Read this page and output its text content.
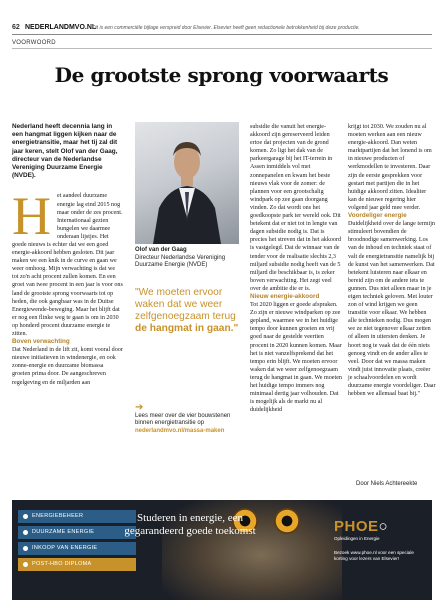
62 NEDERLANDMVO.NL
Dit is een commerciële bijlage verspreid door Elsevier. Elsevier heeft geen redactionele betrokkenheid bij deze productie.
VOORWOORD
De grootste sprong voorwaarts

Nederland heeft decennia lang in een hangmat liggen kijken naar de energietransitie, maar het tij zal dit jaar keren, stelt Olof van der Gaag, directeur van de Nederlandse Vereniging Duurzame Energie (NVDE).

Het aandeel duurzame energie lag eind 2015 nog maar onder de zes procent. Internationaal gezien bungelen we daarmee onderaan lijstjes. Het goede nieuws is echter dat we een goed energie-akkoord hebben gesloten. Dit jaar maken we een knik in de curve en gaan we weer omhoog. Mijn verwachting is dat we tot zo'n acht procent zullen komen. En een groei van twee procent in een jaar is voor ons land de grootste sprong voorwaarts tot op heden, die ook gangbaar was in de Duitse Energiewende-beweging. Maar het blijft dat er nog een flinke weg te gaan is om in 2030 op honderd procent duurzame energie te zitten.

Boven verwachting

Dat Nederland in de lift zit, komt vooral door nieuwe initiatieven in windenergie, en ook zonne-energie en duurzame biomassa groeien prima door. De aangeschreven regelgeving en de miljarden aan

Olof van der Gaag
Directeur Nederlandse Vereniging Duurzame Energie (NVDE)
"We moeten ervoor waken dat we weer zelfgenoegzaam terug de hangmat in gaan."
➔
Lees meer over de vier bouwstenen binnen energietransitie op nederlandmvo.nl/massa-maken

subsidie die vanuit het energie-akkoord zijn gereserveerd leiden ertoe dat projecten van de grond komen. Zo ligt het dak van de parkeergarage bij het IT-terrein in Assen inmiddels vol met zonnepanelen en kwam het beste nieuws vlak voor de zomer: de plannen voor een grootschalig windpark op zee gaan doorgang vinden. Zo dat wordt ons het goedkoopste park ter wereld ook. Dit betekent dat er niet tot in lengte van dagen subsidie nodig is. Dat is precies het streven dat in het akkoord is vastgelegd. Dat de winnaar van de tender voor de realisatie slechts 2,3 miljard subsidie nodig heeft van de 5 miljard die beschikbaar is, is zeker boven verwachting. Het zegt veel over de ambitie die er is.

Nieuw energie-akkoord

Tot 2020 liggen er goede afspraken. Zo zijn er nieuwe windparken op zee gepland, waarmee we in het huidige tempo door kunnen groeien en vrij goed naar de gestelde veertien procent in 2020 kunnen komen. Maar het is niet vanzelfsprekend dat het tempo erin blijft. We moeten ervoor waken dat we weer zelfgenoegzaam terug de hangmat in gaan. We moeten het huidige tempo immers nog minimaal dertig jaar volhouden. Dat is mogelijk als de markt nu al duidelijkheid

krijgt tot 2030. We zouden nu al moeten werken aan een nieuw energie-akkoord. Dan weten marktpartijen dat het lonend is om in nieuwe producten of werkmodellen te investeren. Daar zijn de eerste gesprekken voor gestart met partijen die in het huidige akkoord zitten. Idealiter kan de nieuwe regering hier volgend jaar geld mee verder.

Voordeliger energie

Duidelijkheid over de lange termijn stimuleert bovendien de broodnodige samenwerking. Los van de inhoud en techniek staat of valt de energietransitie namelijk bij de kunst van het samenwerken. Dat betekent luisteren naar elkaar en bereid zijn om de andere iets te gunnen. Dus niet alleen maar in je eigen techniek geloven. Met louter zon of wind krijgen we geen transitie voor elkaar. We hebben alle technieken nodig. Dus mogen we ze niet tegenover elkaar zetten of alleen in uitersten denken. Je hoort nog te vaak dat de één niets genoeg vindt en de ander alles te veel. Door dat we massa maken vindt juist innovatie plaats, creëer je schaalvoordelen en wordt duurzame energie voordeliger. Daar hebben we allemaal baat bij."

Door Niels Achtereekte
ENERGIEBEHEER
DUURZAME ENERGIE
INKOOP VAN ENERGIE
POST-HBO DIPLOMA
Studeren in energie, een gegarandeerd goede toekomst	PHOE○
Opleidingen in Energie
Bezoek www.phoe.nl voor een speciale korting voor lezers van Elsevier!
